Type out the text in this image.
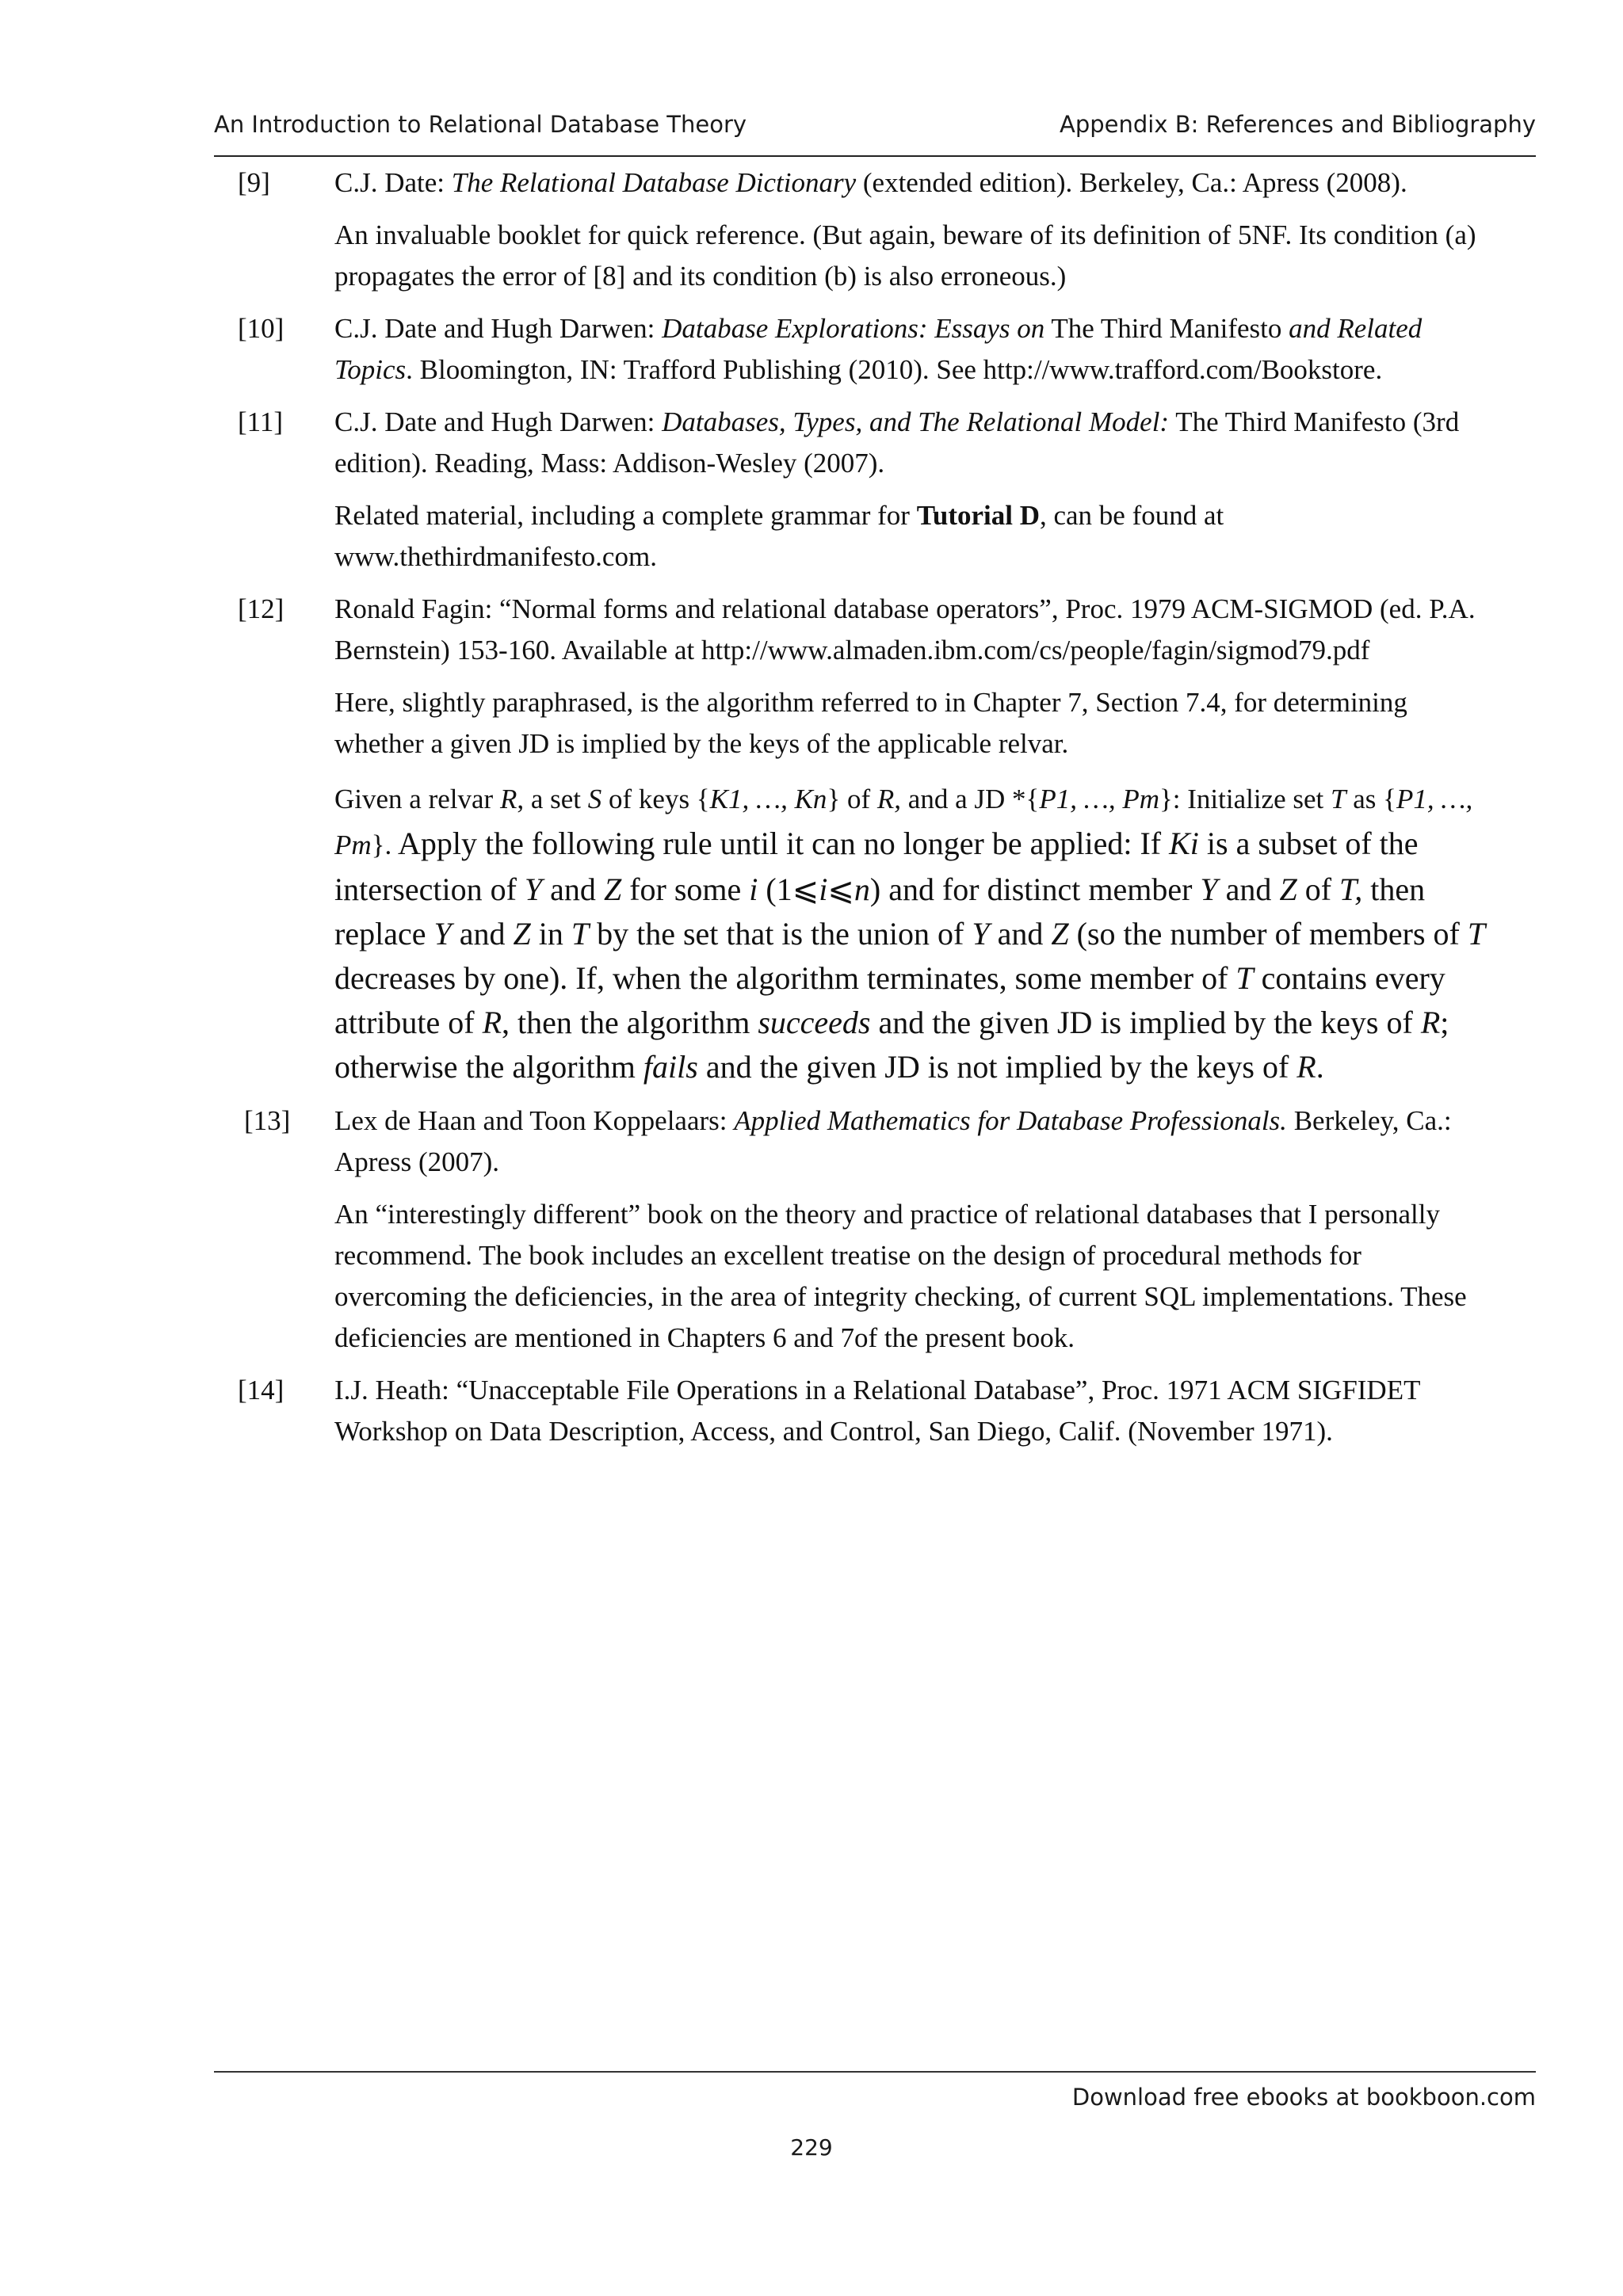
An Introduction to Relational Database Theory	Appendix B: References and Bibliography
[9] C.J. Date: The Relational Database Dictionary (extended edition). Berkeley, Ca.: Apress (2008).

An invaluable booklet for quick reference. (But again, beware of its definition of 5NF. Its condition (a) propagates the error of [8] and its condition (b) is also erroneous.)

[10] C.J. Date and Hugh Darwen: Database Explorations: Essays on The Third Manifesto and Related Topics. Bloomington, IN: Trafford Publishing (2010). See http://www.trafford.com/Bookstore.

[11] C.J. Date and Hugh Darwen: Databases, Types, and The Relational Model: The Third Manifesto (3rd edition). Reading, Mass: Addison-Wesley (2007).

Related material, including a complete grammar for Tutorial D, can be found at www.thethirdmanifesto.com.

[12] Ronald Fagin: “Normal forms and relational database operators”, Proc. 1979 ACM-SIGMOD (ed. P.A. Bernstein) 153-160. Available at http://www.almaden.ibm.com/cs/people/fagin/sigmod79.pdf

Here, slightly paraphrased, is the algorithm referred to in Chapter 7, Section 7.4, for determining whether a given JD is implied by the keys of the applicable relvar.

Given a relvar R, a set S of keys {K1, …, Kn} of R, and a JD *{P1, …, Pm}: Initialize set T as {P1, …, Pm}. Apply the following rule until it can no longer be applied: If Ki is a subset of the intersection of Y and Z for some i (1⩽i⩽n) and for distinct member Y and Z of T, then replace Y and Z in T by the set that is the union of Y and Z (so the number of members of T decreases by one). If, when the algorithm terminates, some member of T contains every attribute of R, then the algorithm succeeds and the given JD is implied by the keys of R; otherwise the algorithm fails and the given JD is not implied by the keys of R.

[13] Lex de Haan and Toon Koppelaars: Applied Mathematics for Database Professionals. Berkeley, Ca.: Apress (2007).

An “interestingly different” book on the theory and practice of relational databases that I personally recommend. The book includes an excellent treatise on the design of procedural methods for overcoming the deficiencies, in the area of integrity checking, of current SQL implementations. These deficiencies are mentioned in Chapters 6 and 7of the present book.

[14] I.J. Heath: “Unacceptable File Operations in a Relational Database”, Proc. 1971 ACM SIGFIDET Workshop on Data Description, Access, and Control, San Diego, Calif. (November 1971).

Download free ebooks at bookboon.com
229
